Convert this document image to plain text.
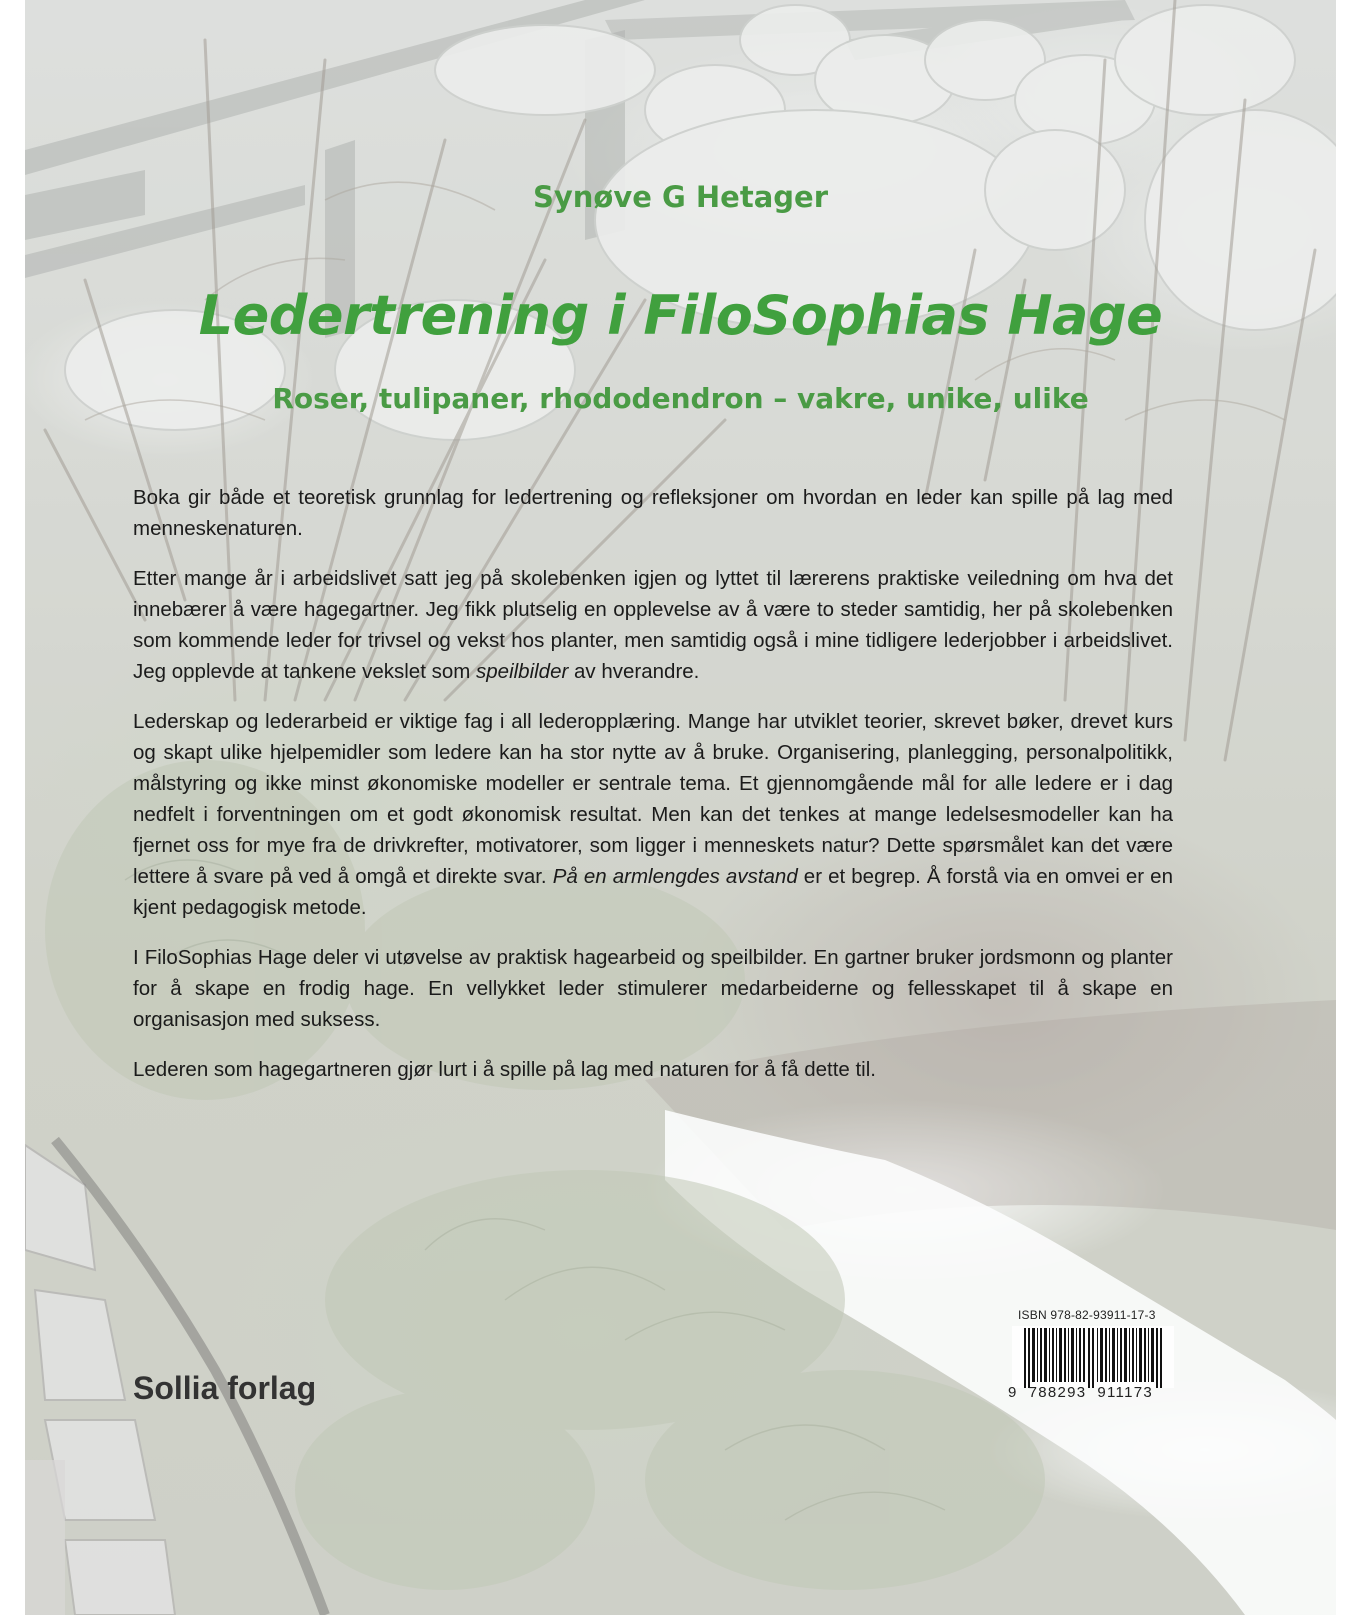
Synøve G Hetager
Ledertrening i FiloSophias Hage
Roser, tulipaner, rhododendron – vakre, unike, ulike

Boka gir både et teoretisk grunnlag for ledertrening og refleksjoner om hvordan en leder kan spille på lag med menneskenaturen.

Etter mange år i arbeidslivet satt jeg på skolebenken igjen og lyttet til lærerens praktiske veiledning om hva det innebærer å være hagegartner. Jeg fikk plutselig en opplevelse av å være to steder samtidig, her på skolebenken som kommende leder for trivsel og vekst hos planter, men samtidig også i mine tidligere lederjobber i arbeidslivet. Jeg opplevde at tankene vekslet som speilbilder av hverandre.

Lederskap og lederarbeid er viktige fag i all lederopplæring. Mange har utviklet teorier, skrevet bøker, drevet kurs og skapt ulike hjelpemidler som ledere kan ha stor nytte av å bruke. Organisering, planlegging, personalpolitikk, målstyring og ikke minst økonomiske modeller er sentrale tema. Et gjennomgående mål for alle ledere er i dag nedfelt i forventningen om et godt økonomisk resultat. Men kan det tenkes at mange ledelsesmodeller kan ha fjernet oss for mye fra de drivkrefter, motivatorer, som ligger i menneskets natur? Dette spørsmålet kan det være lettere å svare på ved å omgå et direkte svar. På en armlengdes avstand er et begrep. Å forstå via en omvei er en kjent pedagogisk metode.

I FiloSophias Hage deler vi utøvelse av praktisk hagearbeid og speilbilder. En gartner bruker jordsmonn og planter for å skape en frodig hage. En vellykket leder stimulerer medarbeiderne og fellesskapet til å skape en organisasjon med suksess.

Lederen som hagegartneren gjør lurt i å spille på lag med naturen for å få dette til.

Sollia forlag
ISBN 978-82-93911-17-3
9  788293  911173
